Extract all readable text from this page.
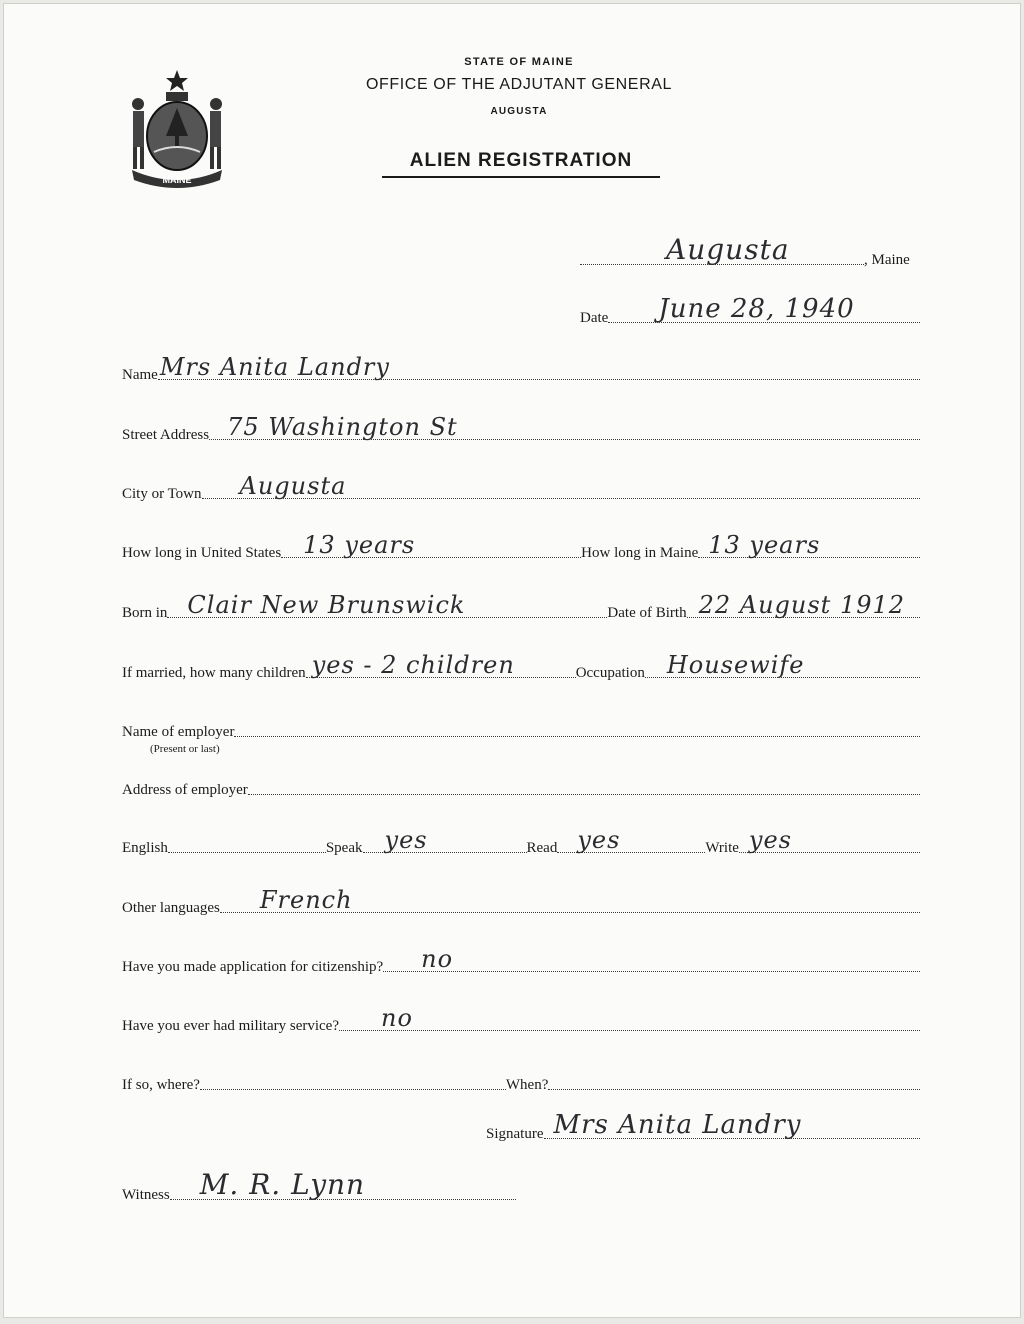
MAINE
STATE OF MAINE
OFFICE OF THE ADJUTANT GENERAL
AUGUSTA
ALIEN REGISTRATION
Augusta	, Maine
Date June 28, 1940
Name Mrs Anita Landry
Street Address 75 Washington St
City or Town Augusta
How long in United States 13 years	How long in Maine 13 years
Born in Clair New Brunswick	Date of Birth 22 August 1912
If married, how many children yes - 2 children	Occupation Housewife
Name of employer
(Present or last)
Address of employer
English	Speak yes	Read yes	Write yes
Other languages French
Have you made application for citizenship? no
Have you ever had military service? no
If so, where?	When?
Signature Mrs Anita Landry
Witness M. R. Lynn
